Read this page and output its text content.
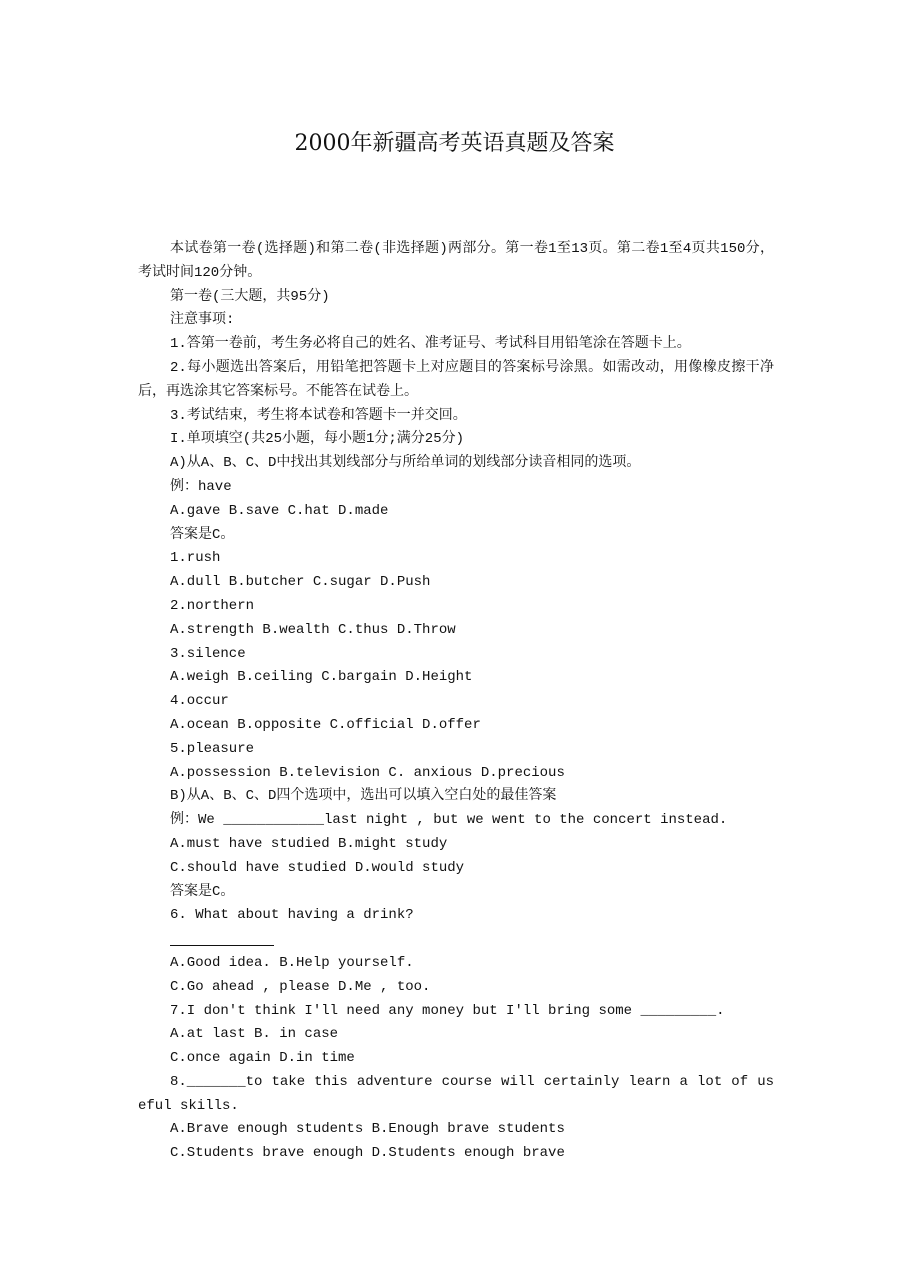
2000年新疆高考英语真题及答案

本试卷第一卷(选择题)和第二卷(非选择题)两部分。第一卷1至13页。第二卷1至4页共150分，考试时间120分钟。

第一卷(三大题，共95分)

注意事项:

1.答第一卷前，考生务必将自己的姓名、准考证号、考试科目用铅笔涂在答题卡上。

2.每小题选出答案后，用铅笔把答题卡上对应题目的答案标号涂黑。如需改动，用像橡皮擦干净后，再选涂其它答案标号。不能答在试卷上。

3.考试结束，考生将本试卷和答题卡一并交回。

I.单项填空(共25小题，每小题1分;满分25分)

A)从A、B、C、D中找出其划线部分与所给单词的划线部分读音相同的选项。

例：have

A.gave B.save C.hat D.made

答案是C。

1.rush

A.dull B.butcher C.sugar D.Push

2.northern

A.strength B.wealth C.thus D.Throw

3.silence

A.weigh B.ceiling C.bargain D.Height

4.occur

A.ocean B.opposite C.official D.offer

5.pleasure

A.possession B.television C. anxious D.precious

B)从A、B、C、D四个选项中，选出可以填入空白处的最佳答案

例：We ____________last night , but we went to the concert instead.

A.must have studied B.might study

C.should have studied D.would study

答案是C。

6. What about having a drink?

A.Good idea. B.Help yourself.

C.Go ahead , please D.Me , too.

7.I don't think I'll need any money but I'll bring some _________.

A.at last B. in case

C.once again D.in time

8._______to take this adventure course will certainly learn a lot of useful skills.

A.Brave enough students B.Enough brave students

C.Students brave enough D.Students enough brave
